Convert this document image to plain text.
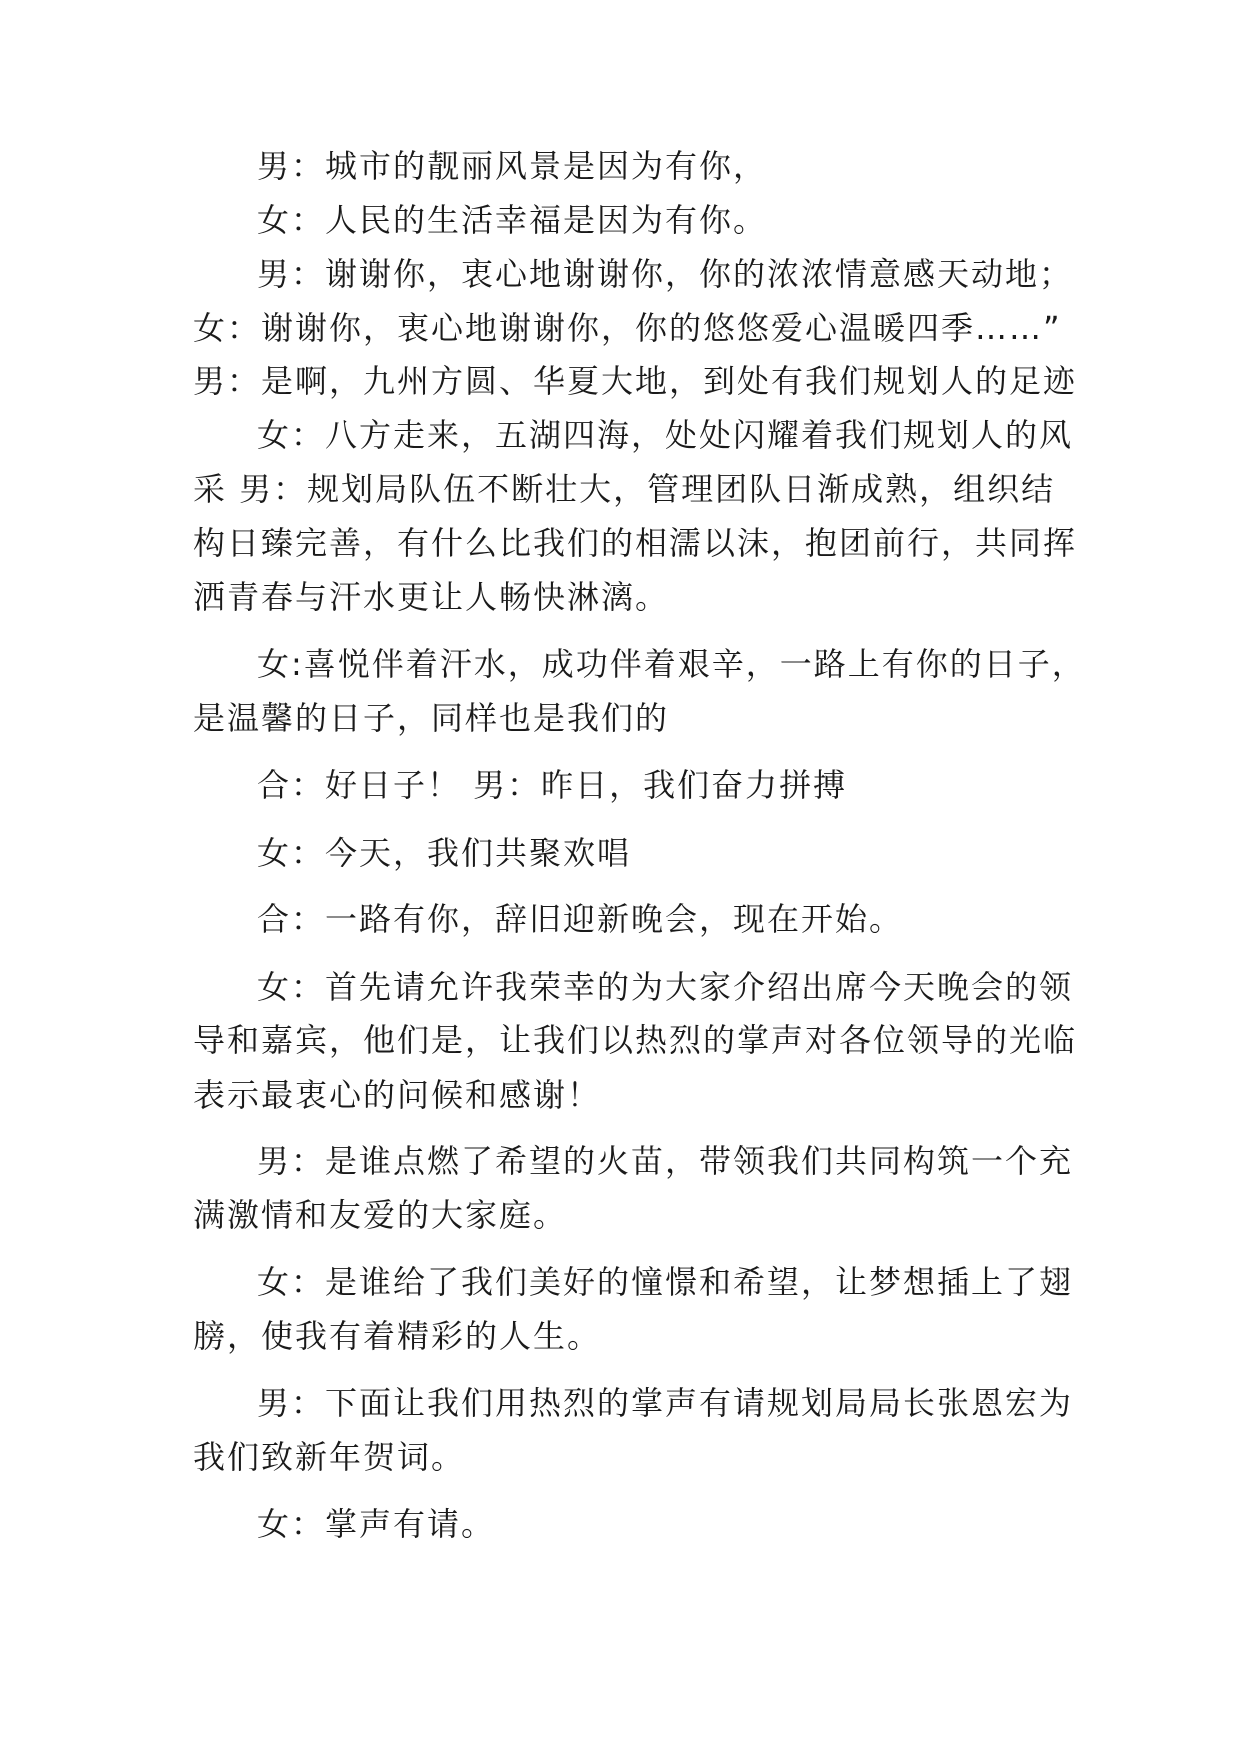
男：城市的靓丽风景是因为有你，
女：人民的生活幸福是因为有你。
男：谢谢你，衷心地谢谢你，你的浓浓情意感天动地；
女：谢谢你，衷心地谢谢你，你的悠悠爱心温暖四季……”
男：是啊，九州方圆、华夏大地，到处有我们规划人的足迹
女：八方走来，五湖四海，处处闪耀着我们规划人的风
采 男：规划局队伍不断壮大，管理团队日渐成熟，组织结
构日臻完善，有什么比我们的相濡以沫，抱团前行，共同挥
洒青春与汗水更让人畅快淋漓。
女:喜悦伴着汗水，成功伴着艰辛，一路上有你的日子，
是温馨的日子，同样也是我们的
合：好日子！ 男：昨日，我们奋力拼搏
女：今天，我们共聚欢唱
合：一路有你，辞旧迎新晚会，现在开始。
女：首先请允许我荣幸的为大家介绍出席今天晚会的领
导和嘉宾，他们是，让我们以热烈的掌声对各位领导的光临
表示最衷心的问候和感谢！
男：是谁点燃了希望的火苗，带领我们共同构筑一个充
满激情和友爱的大家庭。
女：是谁给了我们美好的憧憬和希望，让梦想插上了翅
膀，使我有着精彩的人生。
男：下面让我们用热烈的掌声有请规划局局长张恩宏为
我们致新年贺词。
女：掌声有请。
